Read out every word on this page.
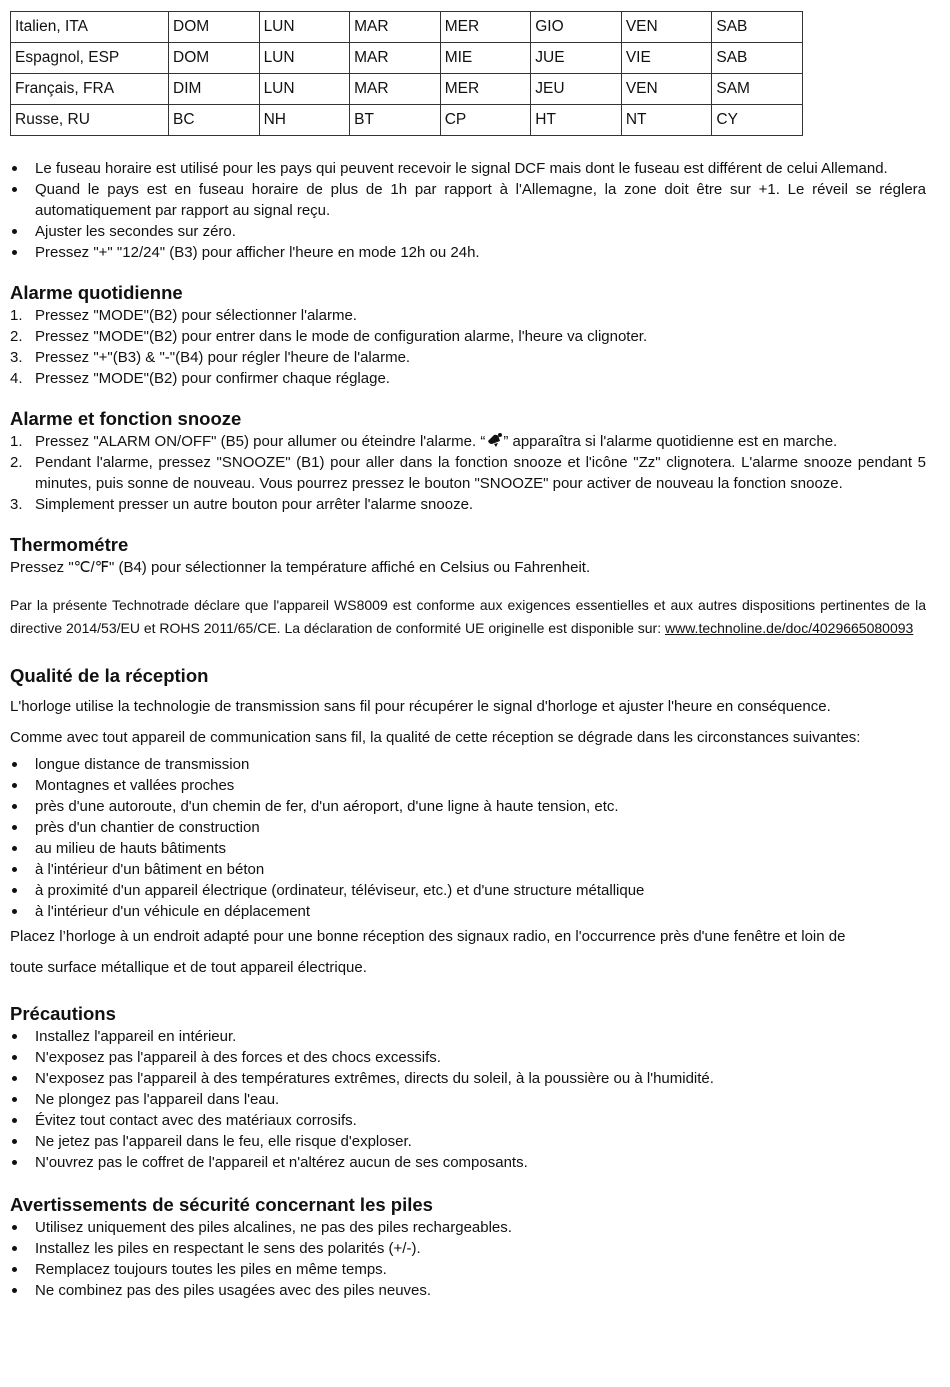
Italien, ITA	DOM	LUN	MAR	MER	GIO	VEN	SAB
Espagnol, ESP	DOM	LUN	MAR	MIE	JUE	VIE	SAB
Français, FRA	DIM	LUN	MAR	MER	JEU	VEN	SAM
Russe, RU	BC	NH	BT	CP	HT	NT	CY
Le fuseau horaire est utilisé pour les pays qui peuvent recevoir le signal DCF mais dont le fuseau est différent de celui Allemand.
Quand le pays est en fuseau horaire de plus de 1h par rapport à l'Allemagne, la zone doit être sur +1. Le réveil se réglera automatiquement par rapport au signal reçu.
Ajuster les secondes sur zéro.
Pressez "+" "12/24" (B3) pour afficher l'heure en mode 12h ou 24h.
Alarme quotidienne
1. Pressez "MODE"(B2) pour sélectionner l'alarme.
2. Pressez "MODE"(B2) pour entrer dans le mode de configuration alarme, l'heure va clignoter.
3. Pressez "+"(B3) & "-"(B4) pour régler l'heure de l'alarme.
4. Pressez "MODE"(B2) pour confirmer chaque réglage.
Alarme et fonction snooze
1. Pressez "ALARM ON/OFF" (B5) pour allumer ou éteindre l'alarme. “ ” apparaîtra si l'alarme quotidienne est en marche.
2. Pendant l'alarme, pressez "SNOOZE" (B1) pour aller dans la fonction snooze et l'icône "Zz" clignotera. L'alarme snooze pendant 5 minutes, puis sonne de nouveau. Vous pourrez pressez le bouton "SNOOZE" pour activer de nouveau la fonction snooze.
3. Simplement presser un autre bouton pour arrêter l'alarme snooze.
Thermométre

Pressez "℃/℉" (B4) pour sélectionner la température affiché en Celsius ou Fahrenheit.

Par la présente Technotrade déclare que l'appareil WS8009 est conforme aux exigences essentielles et aux autres dispositions pertinentes de la directive 2014/53/EU et ROHS 2011/65/CE. La déclaration de conformité UE originelle est disponible sur: www.technoline.de/doc/4029665080093

Qualité de la réception

L'horloge utilise la technologie de transmission sans fil pour récupérer le signal d'horloge et ajuster l'heure en conséquence.

Comme avec tout appareil de communication sans fil, la qualité de cette réception se dégrade dans les circonstances suivantes:

longue distance de transmission
Montagnes et vallées proches
près d'une autoroute, d'un chemin de fer, d'un aéroport, d'une ligne à haute tension, etc.
près d'un chantier de construction
au milieu de hauts bâtiments
à l'intérieur d'un bâtiment en béton
à proximité d'un appareil électrique (ordinateur, téléviseur, etc.) et d'une structure métallique
à l'intérieur d'un véhicule en déplacement

Placez l’horloge à un endroit adapté pour une bonne réception des signaux radio, en l'occurrence près d'une fenêtre et loin de

toute surface métallique et de tout appareil électrique.

Précautions
Installez l'appareil en intérieur.
N'exposez pas l'appareil à des forces et des chocs excessifs.
N'exposez pas l'appareil à des températures extrêmes, directs du soleil, à la poussière ou à l'humidité.
Ne plongez pas l'appareil dans l'eau.
Évitez tout contact avec des matériaux corrosifs.
Ne jetez pas l'appareil dans le feu, elle risque d'exploser.
N'ouvrez pas le coffret de l'appareil et n'altérez aucun de ses composants.
Avertissements de sécurité concernant les piles
Utilisez uniquement des piles alcalines, ne pas des piles rechargeables.
Installez les piles en respectant le sens des polarités (+/-).
Remplacez toujours toutes les piles en même temps.
Ne combinez pas des piles usagées avec des piles neuves.
